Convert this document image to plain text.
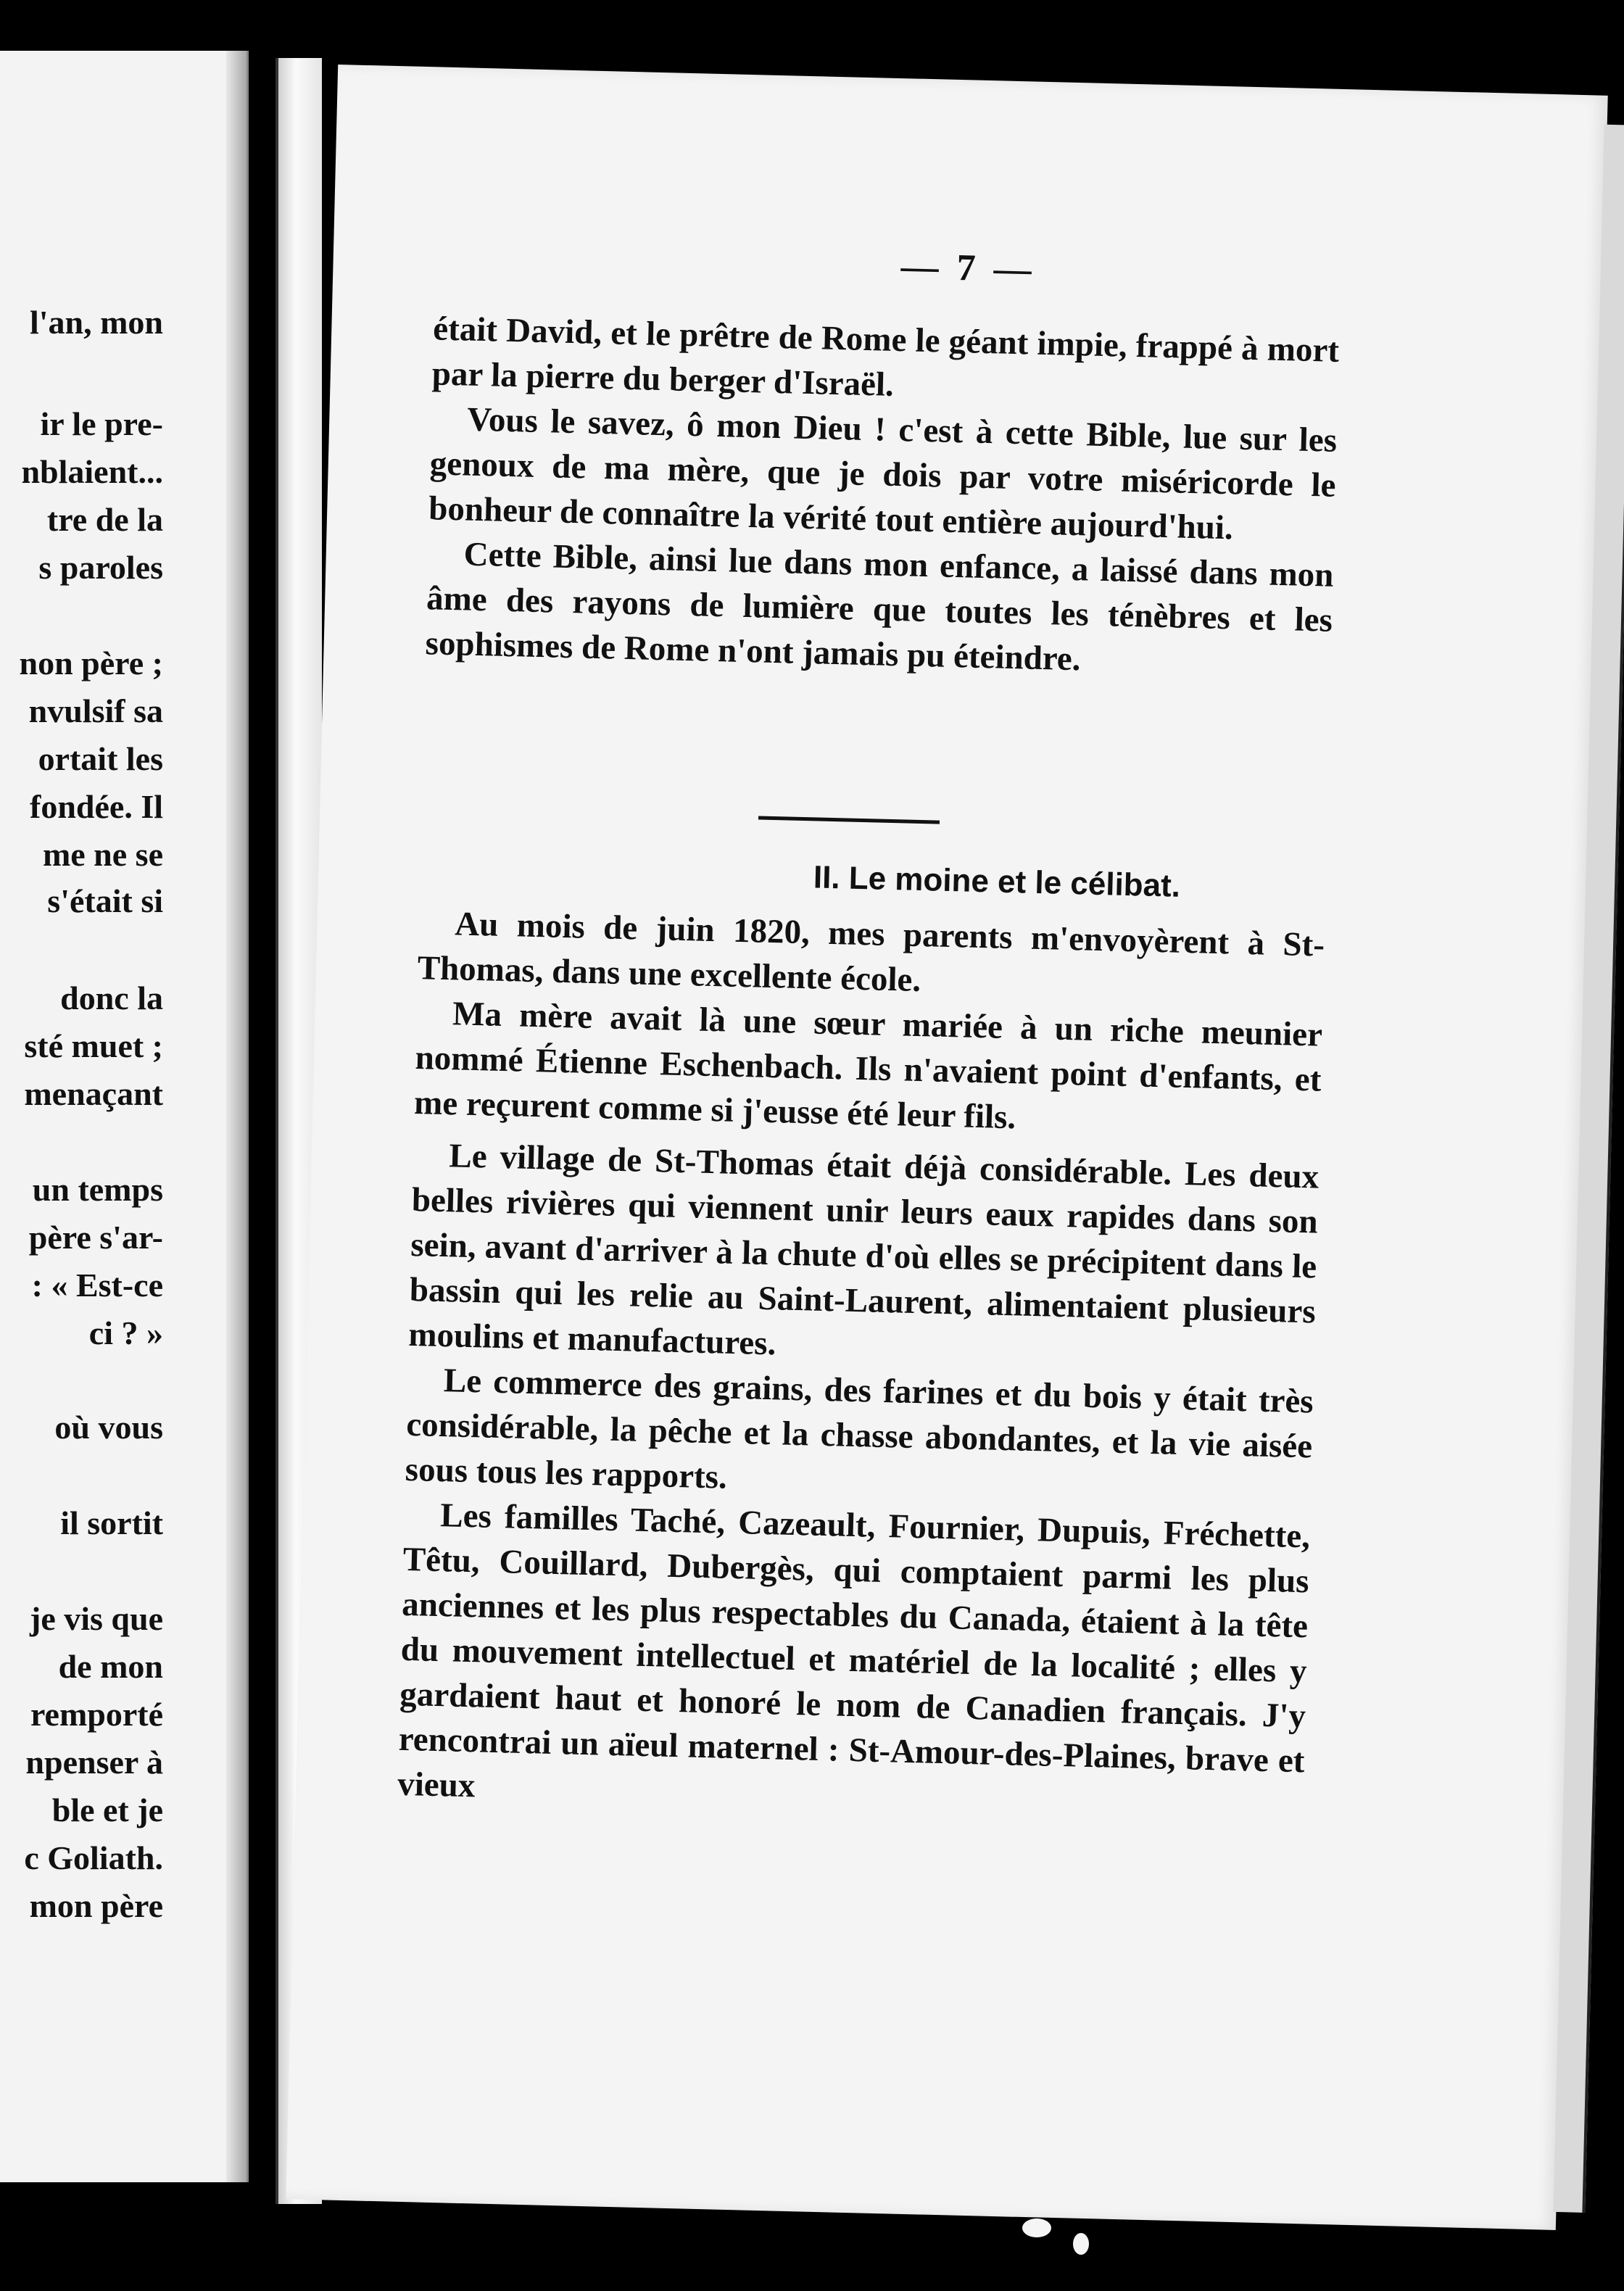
l'an, mon
ir le pre-
nblaient...
tre de la
s paroles
non père ;
nvulsif sa
ortait les
fondée. Il
me ne se
s'était si
donc la
sté muet ;
menaçant
un temps
père s'ar-
: « Est-ce
ci ? »
où vous
il sortit
je vis que
de mon
remporté
npenser à
ble et je
c Goliath.
mon père
— 7 —

était David, et le prêtre de Rome le géant impie, frappé à mort par la pierre du berger d'Israël.

Vous le savez, ô mon Dieu ! c'est à cette Bible, lue sur les genoux de ma mère, que je dois par votre miséricorde le bonheur de connaître la vérité tout entière aujourd'hui.

Cette Bible, ainsi lue dans mon enfance, a laissé dans mon âme des rayons de lumière que toutes les ténèbres et les sophismes de Rome n'ont jamais pu éteindre.

II. Le moine et le célibat.

Au mois de juin 1820, mes parents m'envoyèrent à St-Thomas, dans une excellente école.

Ma mère avait là une sœur mariée à un riche meunier nommé Étienne Eschenbach. Ils n'avaient point d'enfants, et me reçurent comme si j'eusse été leur fils.

Le village de St-Thomas était déjà considérable. Les deux belles rivières qui viennent unir leurs eaux rapides dans son sein, avant d'arriver à la chute d'où elles se précipitent dans le bassin qui les relie au Saint-Laurent, alimentaient plusieurs moulins et manufactures.

Le commerce des grains, des farines et du bois y était très considérable, la pêche et la chasse abondantes, et la vie aisée sous tous les rapports.

Les familles Taché, Cazeault, Fournier, Dupuis, Fréchette, Têtu, Couillard, Dubergès, qui comptaient parmi les plus anciennes et les plus respectables du Canada, étaient à la tête du mouvement intellectuel et matériel de la localité ; elles y gardaient haut et honoré le nom de Canadien français. J'y rencontrai un aïeul maternel : St-Amour-des-Plaines, brave et vieux
